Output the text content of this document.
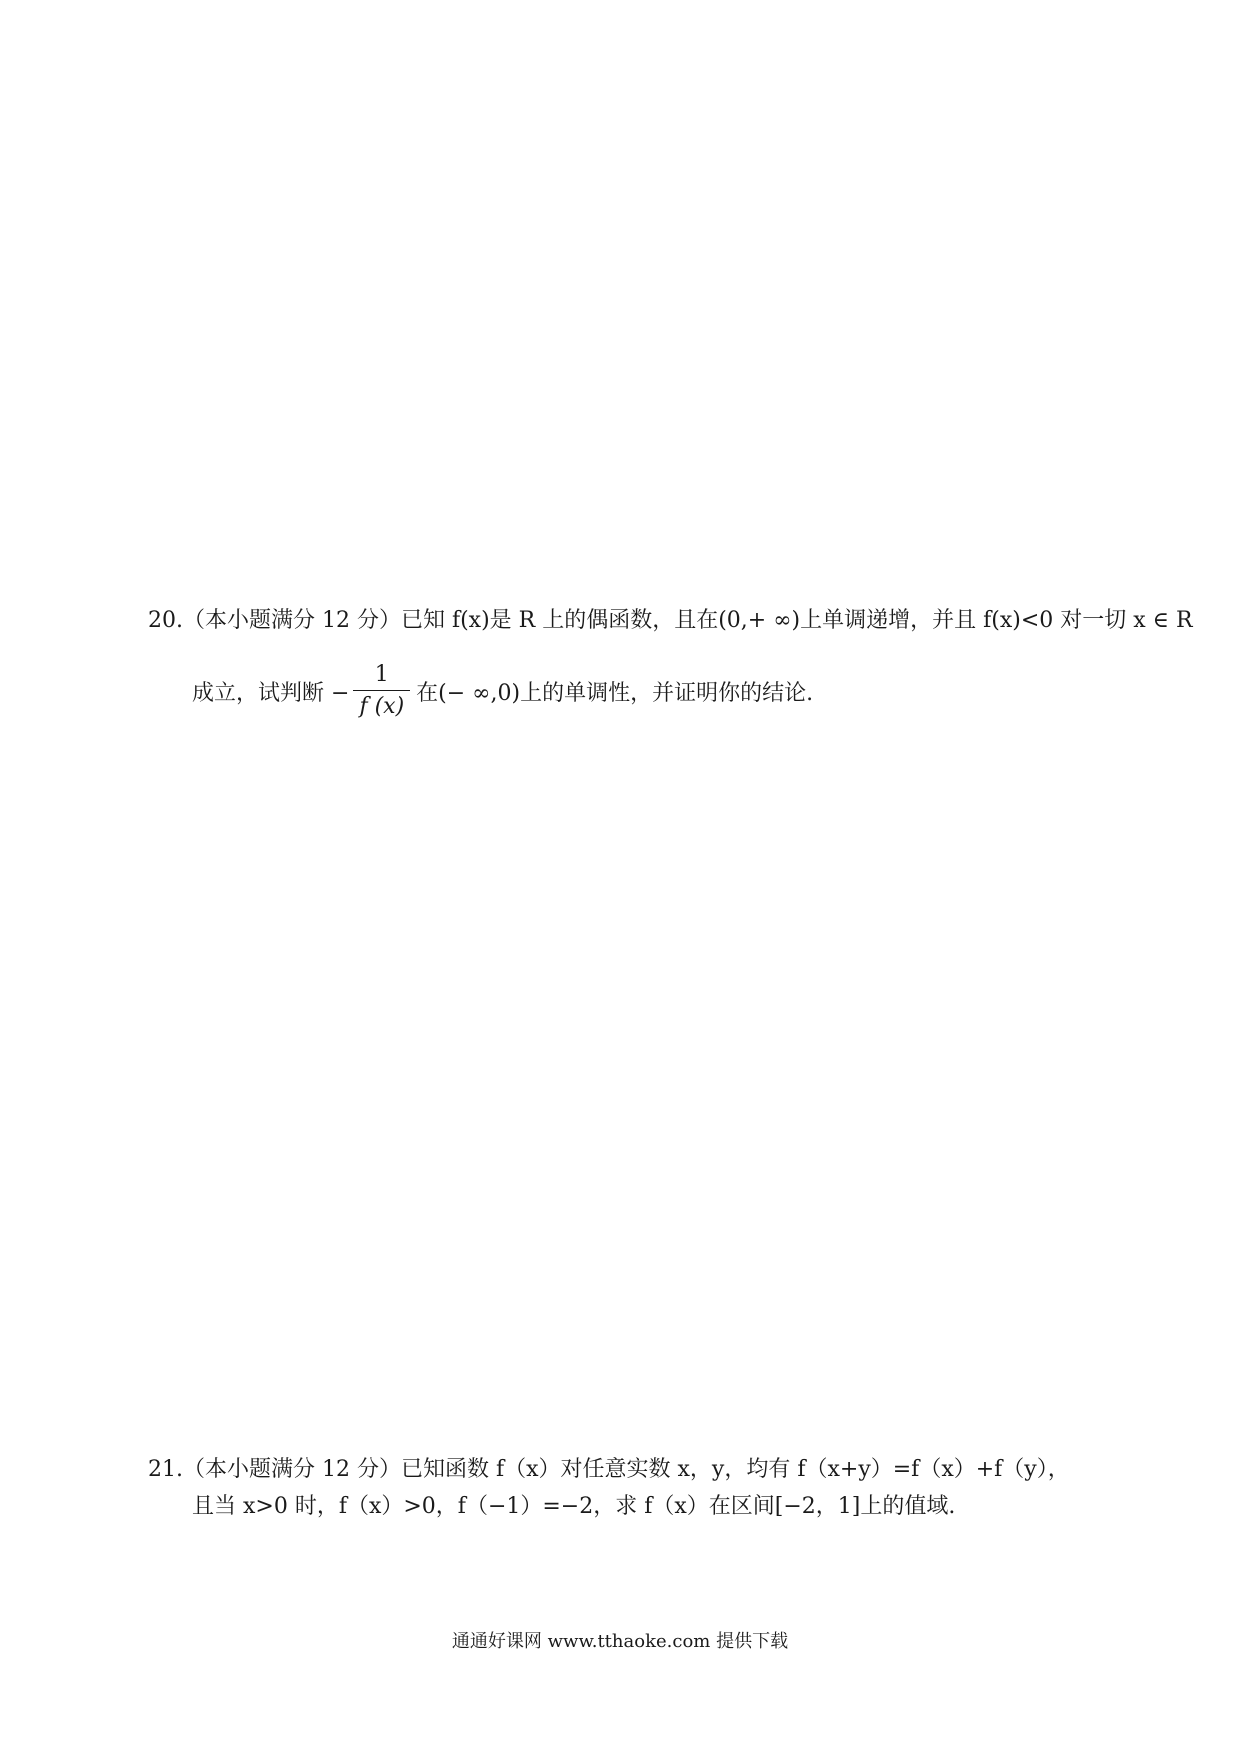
20.（本小题满分 12 分）已知 f(x)是 R 上的偶函数，且在(0,+ ∞)上单调递增，并且 f(x)<0 对一切 x ∈ R
成立，试判断 − $\frac{1}{f (x)}$ 在(− ∞,0)上的单调性，并证明你的结论.
21.（本小题满分 12 分）已知函数 f（x）对任意实数 x，y，均有 f（x+y）=f（x）+f（y），
且当 x>0 时，f（x）>0，f（−1）=−2，求 f（x）在区间[−2，1]上的值域.
通通好课网 www.tthaoke.com 提供下载
